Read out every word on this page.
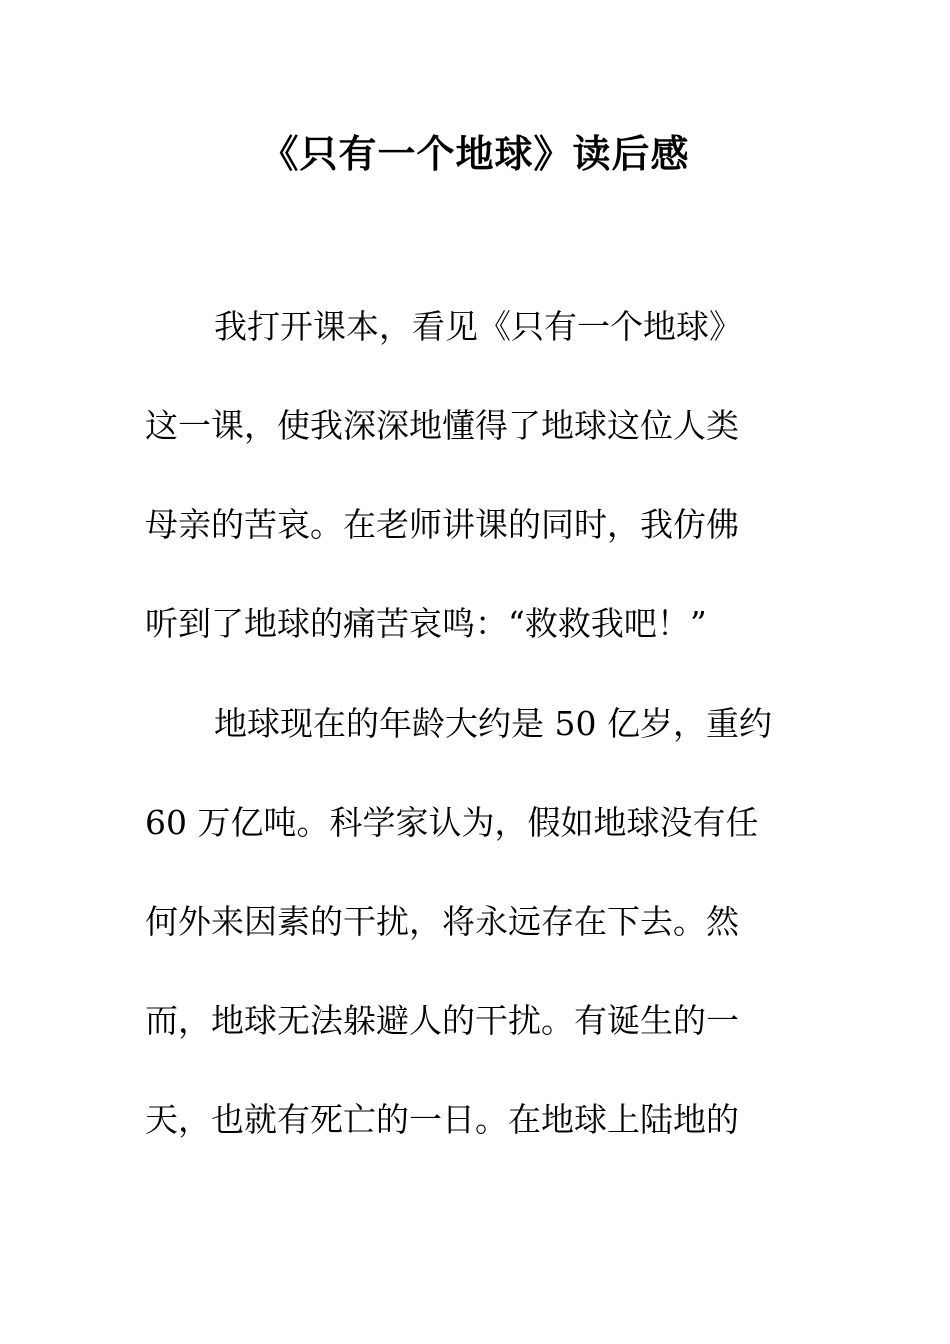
《只有一个地球》读后感
我打开课本，看见《只有一个地球》
这一课，使我深深地懂得了地球这位人类
母亲的苦哀。在老师讲课的同时，我仿佛
听到了地球的痛苦哀鸣：“救救我吧！”
地球现在的年龄大约是 50 亿岁，重约
60 万亿吨。科学家认为，假如地球没有任
何外来因素的干扰，将永远存在下去。然
而，地球无法躲避人的干扰。有诞生的一
天，也就有死亡的一日。在地球上陆地的
